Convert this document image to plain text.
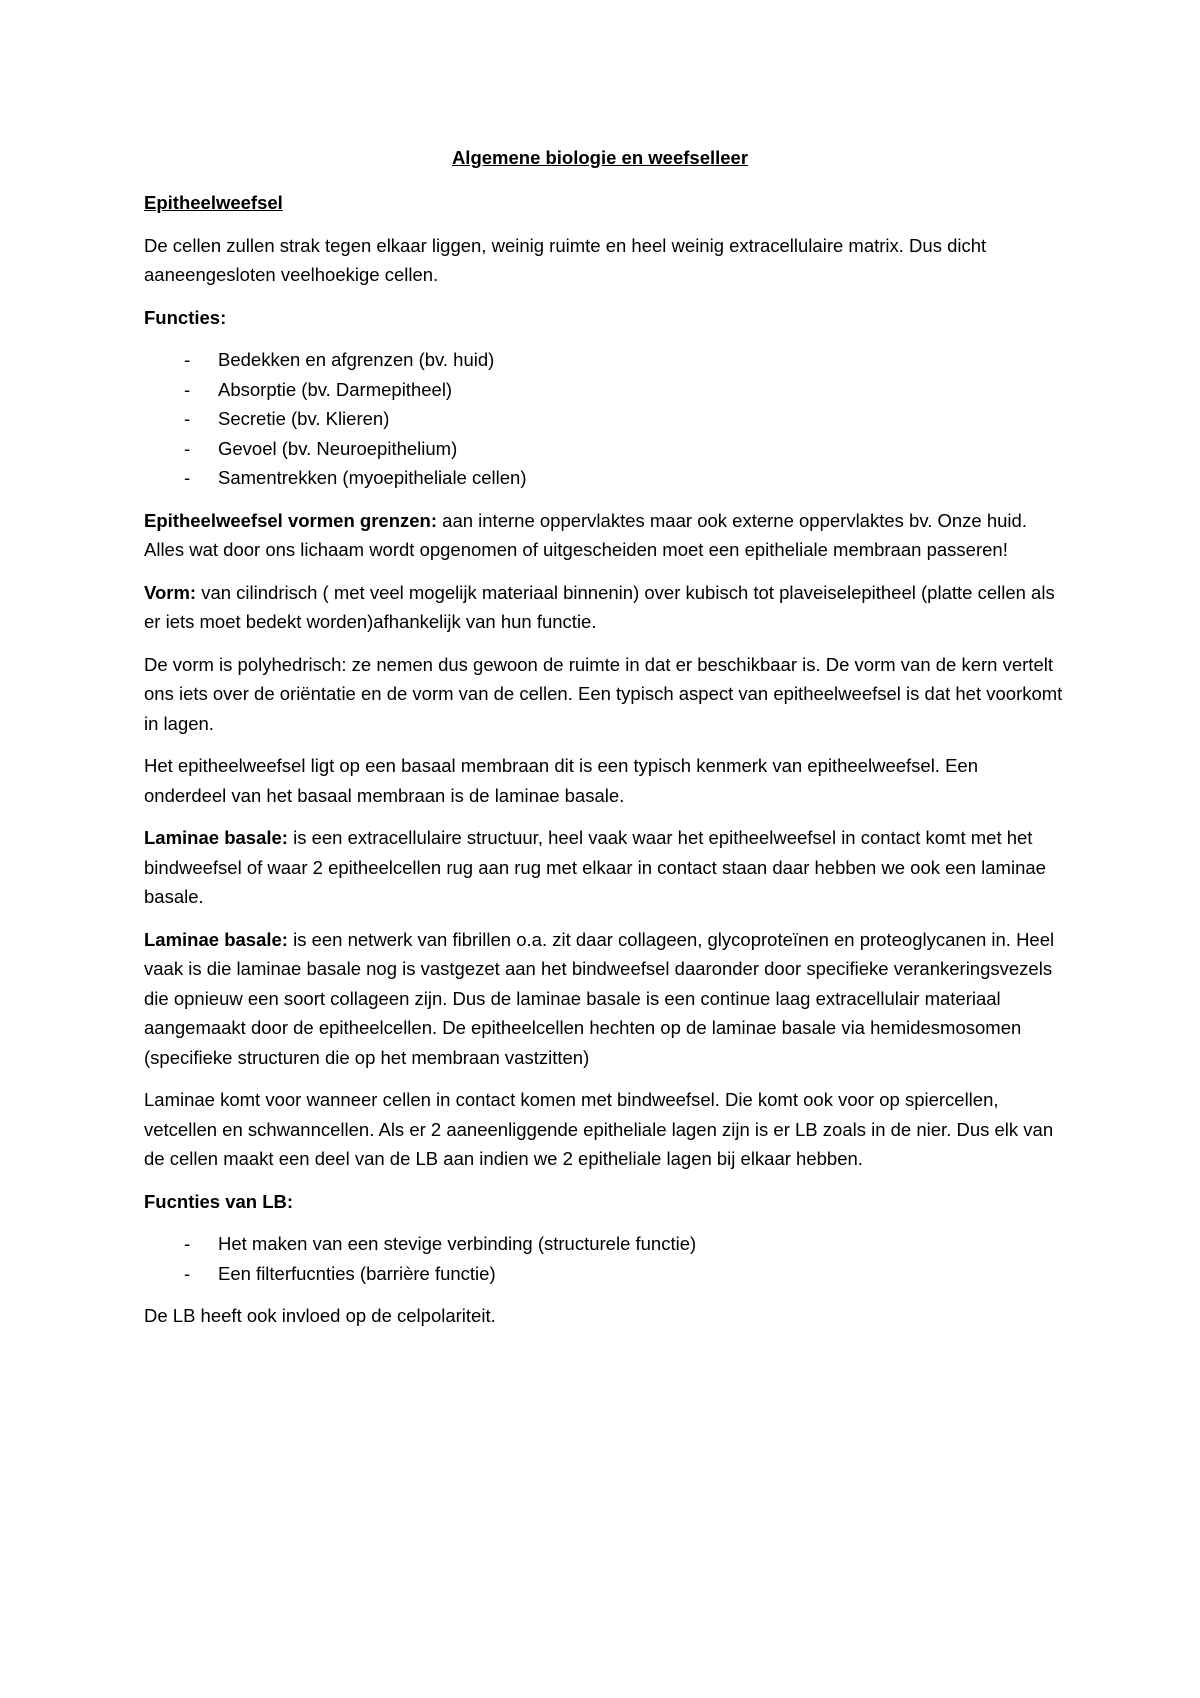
Algemene biologie en weefselleer

Epitheelweefsel

De cellen zullen strak tegen elkaar liggen, weinig ruimte en heel weinig extracellulaire matrix. Dus dicht aaneengesloten veelhoekige cellen.

Functies:

- Bedekken en afgrenzen (bv. huid)
- Absorptie (bv. Darmepitheel)
- Secretie (bv. Klieren)
- Gevoel (bv. Neuroepithelium)
- Samentrekken (myoepitheliale cellen)

Epitheelweefsel vormen grenzen: aan interne oppervlaktes maar ook externe oppervlaktes bv. Onze huid. Alles wat door ons lichaam wordt opgenomen of uitgescheiden moet een epitheliale membraan passeren!

Vorm: van cilindrisch ( met veel mogelijk materiaal binnenin) over kubisch tot plaveiselepitheel (platte cellen als er iets moet bedekt worden)afhankelijk van hun functie.

De vorm is polyhedrisch: ze nemen dus gewoon de ruimte in dat er beschikbaar is. De vorm van de kern vertelt ons iets over de oriëntatie en de vorm van de cellen. Een typisch aspect van epitheelweefsel is dat het voorkomt in lagen.

Het epitheelweefsel ligt op een basaal membraan dit is een typisch kenmerk van epitheelweefsel. Een onderdeel van het basaal membraan is de laminae basale.

Laminae basale: is een extracellulaire structuur, heel vaak waar het epitheelweefsel in contact komt met het bindweefsel of waar 2 epitheelcellen rug aan rug met elkaar in contact staan daar hebben we ook een laminae basale.

Laminae basale: is een netwerk van fibrillen o.a. zit daar collageen, glycoproteïnen en proteoglycanen in. Heel vaak is die laminae basale nog is vastgezet aan het bindweefsel daaronder door specifieke verankeringsvezels die opnieuw een soort collageen zijn. Dus de laminae basale is een continue laag extracellulair materiaal aangemaakt door de epitheelcellen. De epitheelcellen hechten op de laminae basale via hemidesmosomen (specifieke structuren die op het membraan vastzitten)

Laminae komt voor wanneer cellen in contact komen met bindweefsel. Die komt ook voor op spiercellen, vetcellen en schwanncellen. Als er 2 aaneenliggende epitheliale lagen zijn is er LB zoals in de nier. Dus elk van de cellen maakt een deel van de LB aan indien we 2 epitheliale lagen bij elkaar hebben.

Fucnties van LB:

- Het maken van een stevige verbinding (structurele functie)
- Een filterfucnties (barrière functie)

De LB heeft ook invloed op de celpolariteit.
